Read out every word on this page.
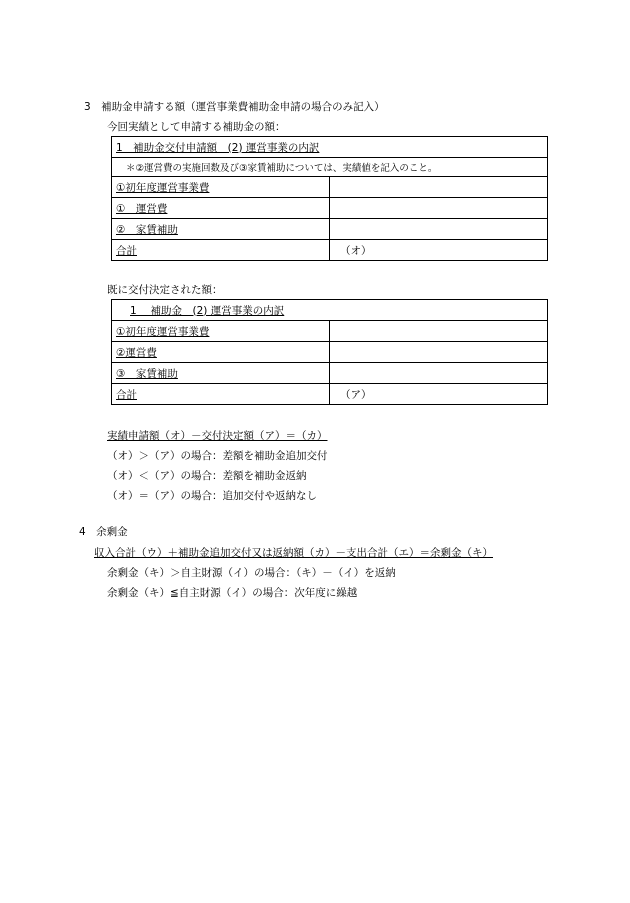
3　補助金申請する額（運営事業費補助金申請の場合のみ記入）
今回実績として申請する補助金の額：
1　補助金交付申請額　(2) 運営事業の内訳	
＊②運営費の実施回数及び③家賃補助については、実績値を記入のこと。	
①初年度運営事業費	
①　運営費	
②　家賃補助	
合計	（オ）
既に交付決定された額：
1　 補助金　(2) 運営事業の内訳	
①初年度運営事業費	
②運営費	
③　家賃補助	
合計	（ア）
実績申請額（オ）－交付決定額（ア）＝（カ）
（オ）＞（ア）の場合：差額を補助金追加交付
（オ）＜（ア）の場合：差額を補助金返納
（オ）＝（ア）の場合：追加交付や返納なし
4　余剰金
収入合計（ウ）＋補助金追加交付又は返納額（カ）－支出合計（エ）＝余剰金（キ）
余剰金（キ）＞自主財源（イ）の場合：（キ）－（イ）を返納
余剰金（キ）≦自主財源（イ）の場合：次年度に繰越
